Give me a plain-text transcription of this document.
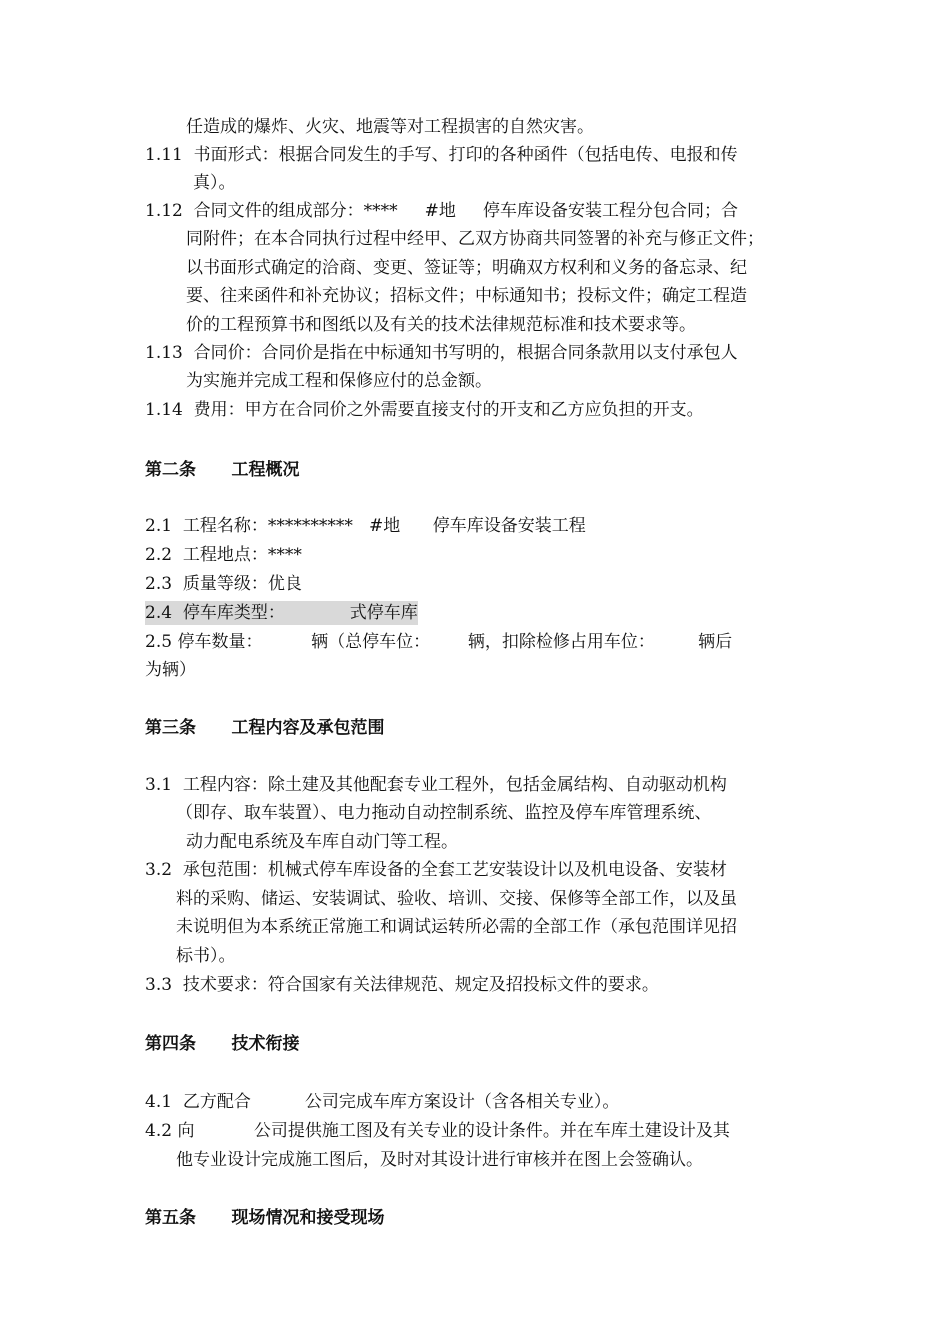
任造成的爆炸、火灾、地震等对工程损害的自然灾害。
1.11  书面形式：根据合同发生的手写、打印的各种函件（包括电传、电报和传
真）。
1.12  合同文件的组成部分：****     #地     停车库设备安装工程分包合同；合
同附件；在本合同执行过程中经甲、乙双方协商共同签署的补充与修正文件；
以书面形式确定的洽商、变更、签证等；明确双方权利和义务的备忘录、纪
要、往来函件和补充协议；招标文件；中标通知书；投标文件；确定工程造
价的工程预算书和图纸以及有关的技术法律规范标准和技术要求等。
1.13  合同价：合同价是指在中标通知书写明的，根据合同条款用以支付承包人
为实施并完成工程和保修应付的总金额。
1.14  费用：甲方在合同价之外需要直接支付的开支和乙方应负担的开支。
第二条      工程概况
2.1  工程名称：**********   #地      停车库设备安装工程
2.2  工程地点：****
2.3  质量等级：优良
2.4  停车库类型：            式停车库
2.5 停车数量：         辆（总停车位：       辆，扣除检修占用车位：        辆后
为辆）
第三条      工程内容及承包范围
3.1  工程内容：除土建及其他配套专业工程外，包括金属结构、自动驱动机构
（即存、取车装置）、电力拖动自动控制系统、监控及停车库管理系统、
动力配电系统及车库自动门等工程。
3.2  承包范围：机械式停车库设备的全套工艺安装设计以及机电设备、安装材
料的采购、储运、安装调试、验收、培训、交接、保修等全部工作，以及虽
未说明但为本系统正常施工和调试运转所必需的全部工作（承包范围详见招
标书）。
3.3  技术要求：符合国家有关法律规范、规定及招投标文件的要求。
第四条      技术衔接
4.1  乙方配合          公司完成车库方案设计（含各相关专业）。
4.2 向           公司提供施工图及有关专业的设计条件。并在车库土建设计及其
他专业设计完成施工图后，及时对其设计进行审核并在图上会签确认。
第五条      现场情况和接受现场
